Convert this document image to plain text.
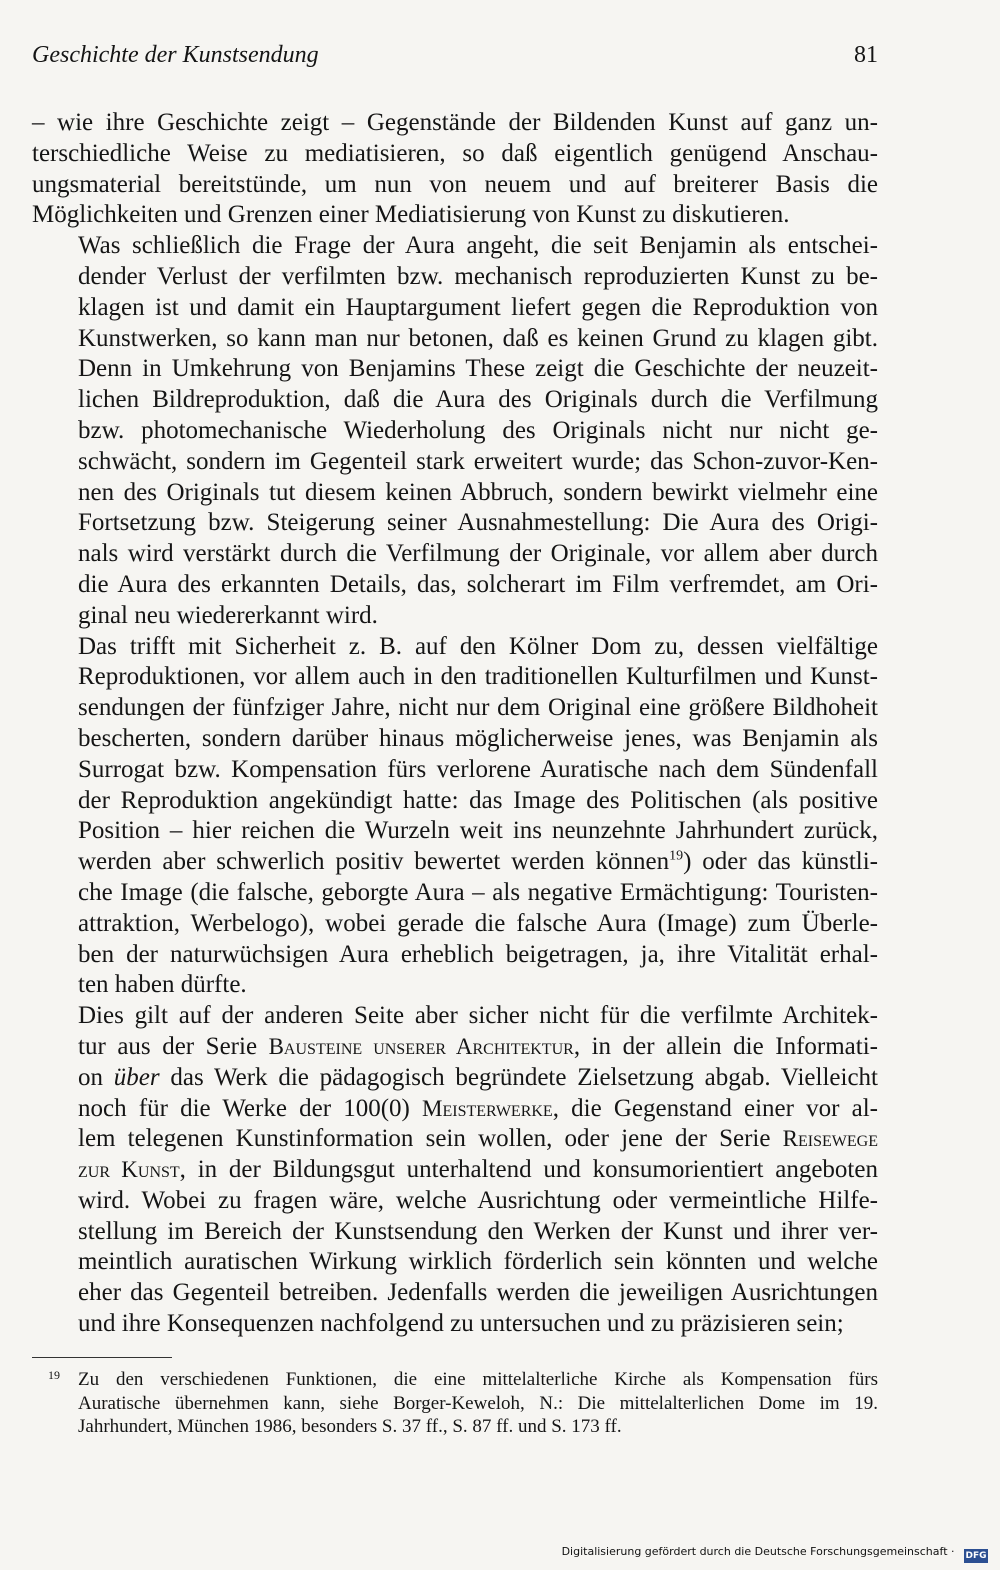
Geschichte der Kunstsendung	81

– wie ihre Geschichte zeigt – Gegenstände der Bildenden Kunst auf ganz un-
terschiedliche Weise zu mediatisieren, so daß eigentlich genügend Anschau-
ungsmaterial bereitstünde, um nun von neuem und auf breiterer Basis die
Möglichkeiten und Grenzen einer Mediatisierung von Kunst zu diskutieren.

Was schließlich die Frage der Aura angeht, die seit Benjamin als entschei-
dender Verlust der verfilmten bzw. mechanisch reproduzierten Kunst zu be-
klagen ist und damit ein Hauptargument liefert gegen die Reproduktion von
Kunstwerken, so kann man nur betonen, daß es keinen Grund zu klagen gibt.
Denn in Umkehrung von Benjamins These zeigt die Geschichte der neuzeit-
lichen Bildreproduktion, daß die Aura des Originals durch die Verfilmung
bzw. photomechanische Wiederholung des Originals nicht nur nicht ge-
schwächt, sondern im Gegenteil stark erweitert wurde; das Schon-zuvor-Ken-
nen des Originals tut diesem keinen Abbruch, sondern bewirkt vielmehr eine
Fortsetzung bzw. Steigerung seiner Ausnahmestellung: Die Aura des Origi-
nals wird verstärkt durch die Verfilmung der Originale, vor allem aber durch
die Aura des erkannten Details, das, solcherart im Film verfremdet, am Ori-
ginal neu wiedererkannt wird.

Das trifft mit Sicherheit z. B. auf den Kölner Dom zu, dessen vielfältige
Reproduktionen, vor allem auch in den traditionellen Kulturfilmen und Kunst-
sendungen der fünfziger Jahre, nicht nur dem Original eine größere Bildhoheit
bescherten, sondern darüber hinaus möglicherweise jenes, was Benjamin als
Surrogat bzw. Kompensation fürs verlorene Auratische nach dem Sündenfall
der Reproduktion angekündigt hatte: das Image des Politischen (als positive
Position – hier reichen die Wurzeln weit ins neunzehnte Jahrhundert zurück,
werden aber schwerlich positiv bewertet werden können$^{19}$) oder das künstli-
che Image (die falsche, geborgte Aura – als negative Ermächtigung: Touristen-
attraktion, Werbelogo), wobei gerade die falsche Aura (Image) zum Überle-
ben der naturwüchsigen Aura erheblich beigetragen, ja, ihre Vitalität erhal-
ten haben dürfte.

Dies gilt auf der anderen Seite aber sicher nicht für die verfilmte Architek-
tur aus der Serie Bausteine unserer Architektur, in der allein die Informati-
on über das Werk die pädagogisch begründete Zielsetzung abgab. Vielleicht
noch für die Werke der 100(0) Meisterwerke, die Gegenstand einer vor al-
lem telegenen Kunstinformation sein wollen, oder jene der Serie Reisewege
zur Kunst, in der Bildungsgut unterhaltend und konsumorientiert angeboten
wird. Wobei zu fragen wäre, welche Ausrichtung oder vermeintliche Hilfe-
stellung im Bereich der Kunstsendung den Werken der Kunst und ihrer ver-
meintlich auratischen Wirkung wirklich förderlich sein könnten und welche
eher das Gegenteil betreiben. Jedenfalls werden die jeweiligen Ausrichtungen
und ihre Konsequenzen nachfolgend zu untersuchen und zu präzisieren sein;

19 Zu den verschiedenen Funktionen, die eine mittelalterliche Kirche als Kompensation fürs
Auratische übernehmen kann, siehe Borger-Keweloh, N.: Die mittelalterlichen Dome im 19.
Jahrhundert, München 1986, besonders S. 37 ff., S. 87 ff. und S. 173 ff.
Digitalisierung gefördert durch die Deutsche Forschungsgemeinschaft · DFG
